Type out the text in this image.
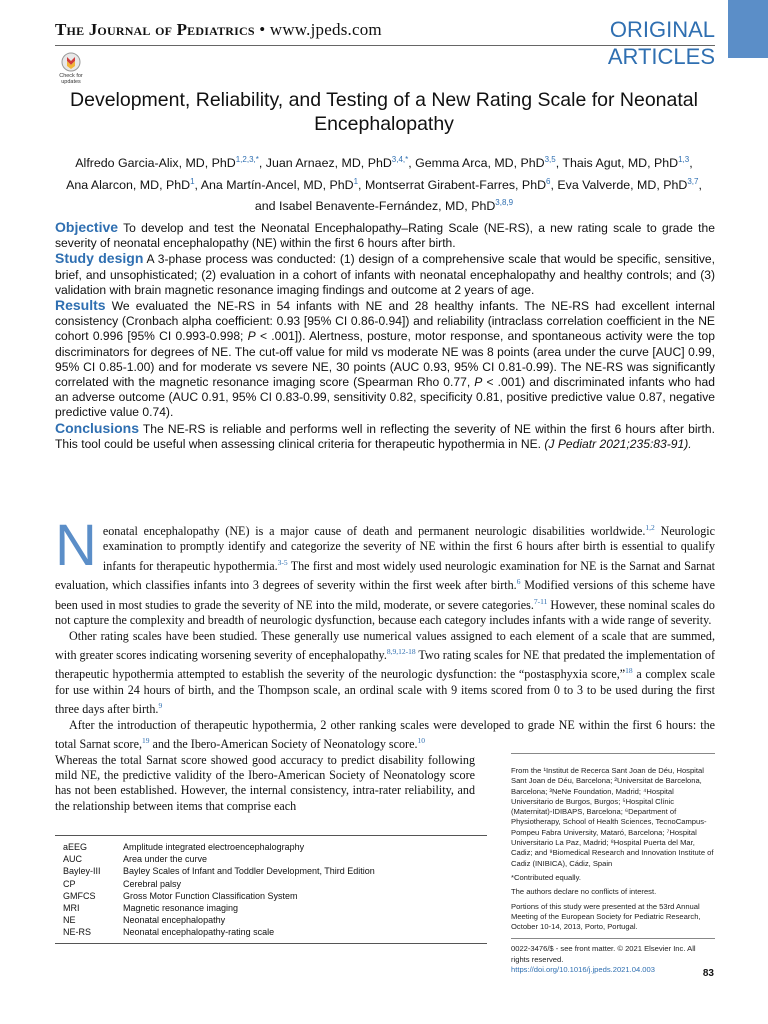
The Journal of Pediatrics • www.jpeds.com	ORIGINAL
ARTICLES
Check for updates
Development, Reliability, and Testing of a New Rating Scale for Neonatal Encephalopathy
Alfredo Garcia-Alix, MD, PhD$^{1,2,3,*}$, Juan Arnaez, MD, PhD$^{3,4,*}$, Gemma Arca, MD, PhD$^{3,5}$, Thais Agut, MD, PhD$^{1,3}$,
Ana Alarcon, MD, PhD$^1$, Ana Martín-Ancel, MD, PhD$^1$, Montserrat Girabent-Farres, PhD$^6$, Eva Valverde, MD, PhD$^{3,7}$,
and Isabel Benavente-Fernández, MD, PhD$^{3,8,9}$

Objective To develop and test the Neonatal Encephalopathy–Rating Scale (NE-RS), a new rating scale to grade the severity of neonatal encephalopathy (NE) within the first 6 hours after birth.

Study design A 3-phase process was conducted: (1) design of a comprehensive scale that would be specific, sensitive, brief, and unsophisticated; (2) evaluation in a cohort of infants with neonatal encephalopathy and healthy controls; and (3) validation with brain magnetic resonance imaging findings and outcome at 2 years of age.

Results We evaluated the NE-RS in 54 infants with NE and 28 healthy infants. The NE-RS had excellent internal consistency (Cronbach alpha coefficient: 0.93 [95% CI 0.86-0.94]) and reliability (intraclass correlation coefficient in the NE cohort 0.996 [95% CI 0.993-0.998; P < .001]). Alertness, posture, motor response, and spontaneous activity were the top discriminators for degrees of NE. The cut-off value for mild vs moderate NE was 8 points (area under the curve [AUC] 0.99, 95% CI 0.85-1.00) and for moderate vs severe NE, 30 points (AUC 0.93, 95% CI 0.81-0.99). The NE-RS was significantly correlated with the magnetic resonance imaging score (Spearman Rho 0.77, P < .001) and discriminated infants who had an adverse outcome (AUC 0.91, 95% CI 0.83-0.99, sensitivity 0.82, specificity 0.81, positive predictive value 0.87, negative predictive value 0.74).

Conclusions The NE-RS is reliable and performs well in reflecting the severity of NE within the first 6 hours after birth. This tool could be useful when assessing clinical criteria for therapeutic hypothermia in NE. (J Pediatr 2021;235:83-91).

Neonatal encephalopathy (NE) is a major cause of death and permanent neurologic disabilities worldwide.$^{1,2}$ Neurologic examination to promptly identify and categorize the severity of NE within the first 6 hours after birth is essential to qualify infants for therapeutic hypothermia.$^{3-5}$ The first and most widely used neurologic examination for NE is the Sarnat and Sarnat evaluation, which classifies infants into 3 degrees of severity within the first week after birth.$^6$ Modified versions of this scheme have been used in most studies to grade the severity of NE into the mild, moderate, or severe categories.$^{7-11}$ However, these nominal scales do not capture the complexity and breadth of neurologic dysfunction, because each category includes infants with a wide range of severity.

Other rating scales have been studied. These generally use numerical values assigned to each element of a scale that are summed, with greater scores indicating worsening severity of encephalopathy.$^{8,9,12-18}$ Two rating scales for NE that predated the implementation of therapeutic hypothermia attempted to establish the severity of the neurologic dysfunction: the “postasphyxia score,”$^{18}$ a complex scale for use within 24 hours of birth, and the Thompson scale, an ordinal scale with 9 items scored from 0 to 3 to be used during the first three days after birth.$^9$

After the introduction of therapeutic hypothermia, 2 other ranking scales were developed to grade NE within the first 6 hours: the total Sarnat score,$^{19}$ and the Ibero-American Society of Neonatology score.$^{10}$

Whereas the total Sarnat score showed good accuracy to predict disability following mild NE, the predictive validity of the Ibero-American Society of Neonatology score has not been established. However, the internal consistency, intra-rater reliability, and the relationship between items that comprise each

From the ¹Institut de Recerca Sant Joan de Déu, Hospital Sant Joan de Déu, Barcelona; ²Universitat de Barcelona, Barcelona; ³NeNe Foundation, Madrid; ⁴Hospital Universitario de Burgos, Burgos; ⁵Hospital Clínic (Maternitat)-IDIBAPS, Barcelona; ⁶Department of Physiotherapy, School of Health Sciences, TecnoCampus-Pompeu Fabra University, Mataró, Barcelona; ⁷Hospital Universitario La Paz, Madrid; ⁸Hospital Puerta del Mar, Cadiz; and ⁹Biomedical Research and Innovation Institute of Cadiz (INIBICA), Cádiz, Spain

*Contributed equally.

The authors declare no conflicts of interest.

Portions of this study were presented at the 53rd Annual Meeting of the European Society for Pediatric Research, October 10-14, 2013, Porto, Portugal.

0022-3476/$ - see front matter. © 2021 Elsevier Inc. All rights reserved.
https://doi.org/10.1016/j.jpeds.2021.04.003
aEEG	Amplitude integrated electroencephalography
AUC	Area under the curve
Bayley-III	Bayley Scales of Infant and Toddler Development, Third Edition
CP	Cerebral palsy
GMFCS	Gross Motor Function Classification System
MRI	Magnetic resonance imaging
NE	Neonatal encephalopathy
NE-RS	Neonatal encephalopathy-rating scale
83
